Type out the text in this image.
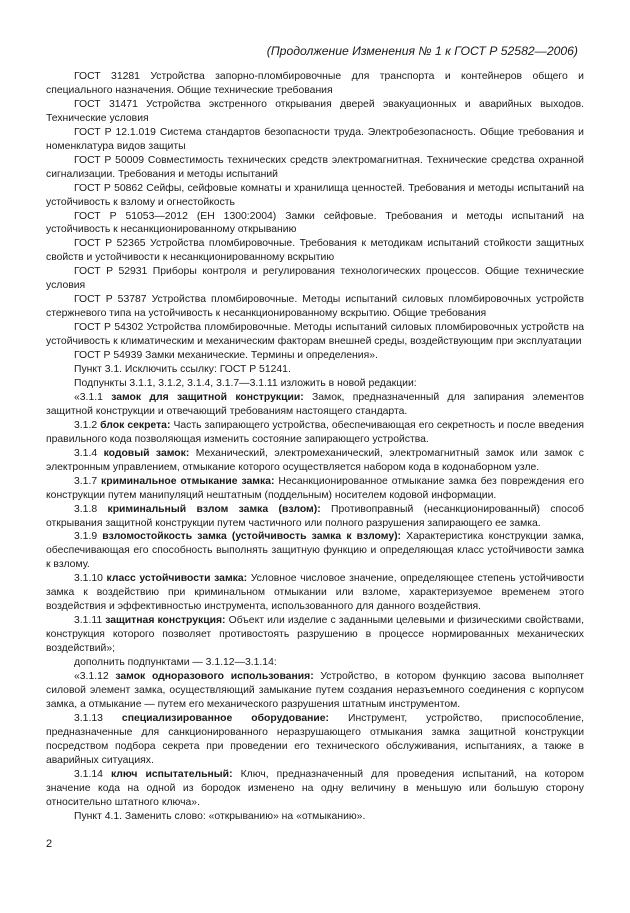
(Продолжение Изменения № 1 к ГОСТ Р 52582—2006)

ГОСТ 31281 Устройства запорно-пломбировочные для транспорта и контейнеров общего и специального назначения. Общие технические требования

ГОСТ 31471 Устройства экстренного открывания дверей эвакуационных и аварийных выходов. Технические условия

ГОСТ Р 12.1.019 Система стандартов безопасности труда. Электробезопасность. Общие требования и номенклатура видов защиты

ГОСТ Р 50009 Совместимость технических средств электромагнитная. Технические средства охранной сигнализации. Требования и методы испытаний

ГОСТ Р 50862 Сейфы, сейфовые комнаты и хранилища ценностей. Требования и методы испытаний на устойчивость к взлому и огнестойкость

ГОСТ Р 51053—2012 (ЕН 1300:2004) Замки сейфовые. Требования и методы испытаний на устойчивость к несанкционированному открыванию

ГОСТ Р 52365 Устройства пломбировочные. Требования к методикам испытаний стойкости защитных свойств и устойчивости к несанкционированному вскрытию

ГОСТ Р 52931 Приборы контроля и регулирования технологических процессов. Общие технические условия

ГОСТ Р 53787 Устройства пломбировочные. Методы испытаний силовых пломбировочных устройств стержневого типа на устойчивость к несанкционированному вскрытию. Общие требования

ГОСТ Р 54302 Устройства пломбировочные. Методы испытаний силовых пломбировочных устройств на устойчивость к климатическим и механическим факторам внешней среды, воздействующим при эксплуатации

ГОСТ Р 54939 Замки механические. Термины и определения».

Пункт 3.1. Исключить ссылку: ГОСТ Р 51241.

Подпункты 3.1.1, 3.1.2, 3.1.4, 3.1.7—3.1.11 изложить в новой редакции:

«3.1.1 замок для защитной конструкции: Замок, предназначенный для запирания элементов защитной конструкции и отвечающий требованиям настоящего стандарта.

3.1.2 блок секрета: Часть запирающего устройства, обеспечивающая его секретность и после введения правильного кода позволяющая изменить состояние запирающего устройства.

3.1.4 кодовый замок: Механический, электромеханический, электромагнитный замок или замок с электронным управлением, отмыкание которого осуществляется набором кода в кодонаборном узле.

3.1.7 криминальное отмыкание замка: Несанкционированное отмыкание замка без повреждения его конструкции путем манипуляций нештатным (поддельным) носителем кодовой информации.

3.1.8 криминальный взлом замка (взлом): Противоправный (несанкционированный) способ открывания защитной конструкции путем частичного или полного разрушения запирающего ее замка.

3.1.9 взломостойкость замка (устойчивость замка к взлому): Характеристика конструкции замка, обеспечивающая его способность выполнять защитную функцию и определяющая класс устойчивости замка к взлому.

3.1.10 класс устойчивости замка: Условное числовое значение, определяющее степень устойчивости замка к воздействию при криминальном отмыкании или взломе, характеризуемое временем этого воздействия и эффективностью инструмента, использованного для данного воздействия.

3.1.11 защитная конструкция: Объект или изделие с заданными целевыми и физическими свойствами, конструкция которого позволяет противостоять разрушению в процессе нормированных механических воздействий»;

дополнить подпунктами — 3.1.12—3.1.14:

«3.1.12 замок одноразового использования: Устройство, в котором функцию засова выполняет силовой элемент замка, осуществляющий замыкание путем создания неразъемного соединения с корпусом замка, а отмыкание — путем его механического разрушения штатным инструментом.

3.1.13 специализированное оборудование: Инструмент, устройство, приспособление, предназначенные для санкционированного неразрушающего отмыкания замка защитной конструкции посредством подбора секрета при проведении его технического обслуживания, испытаниях, а также в аварийных ситуациях.

3.1.14 ключ испытательный: Ключ, предназначенный для проведения испытаний, на котором значение кода на одной из бородок изменено на одну величину в меньшую или большую сторону относительно штатного ключа».

Пункт 4.1. Заменить слово: «открыванию» на «отмыканию».

2
